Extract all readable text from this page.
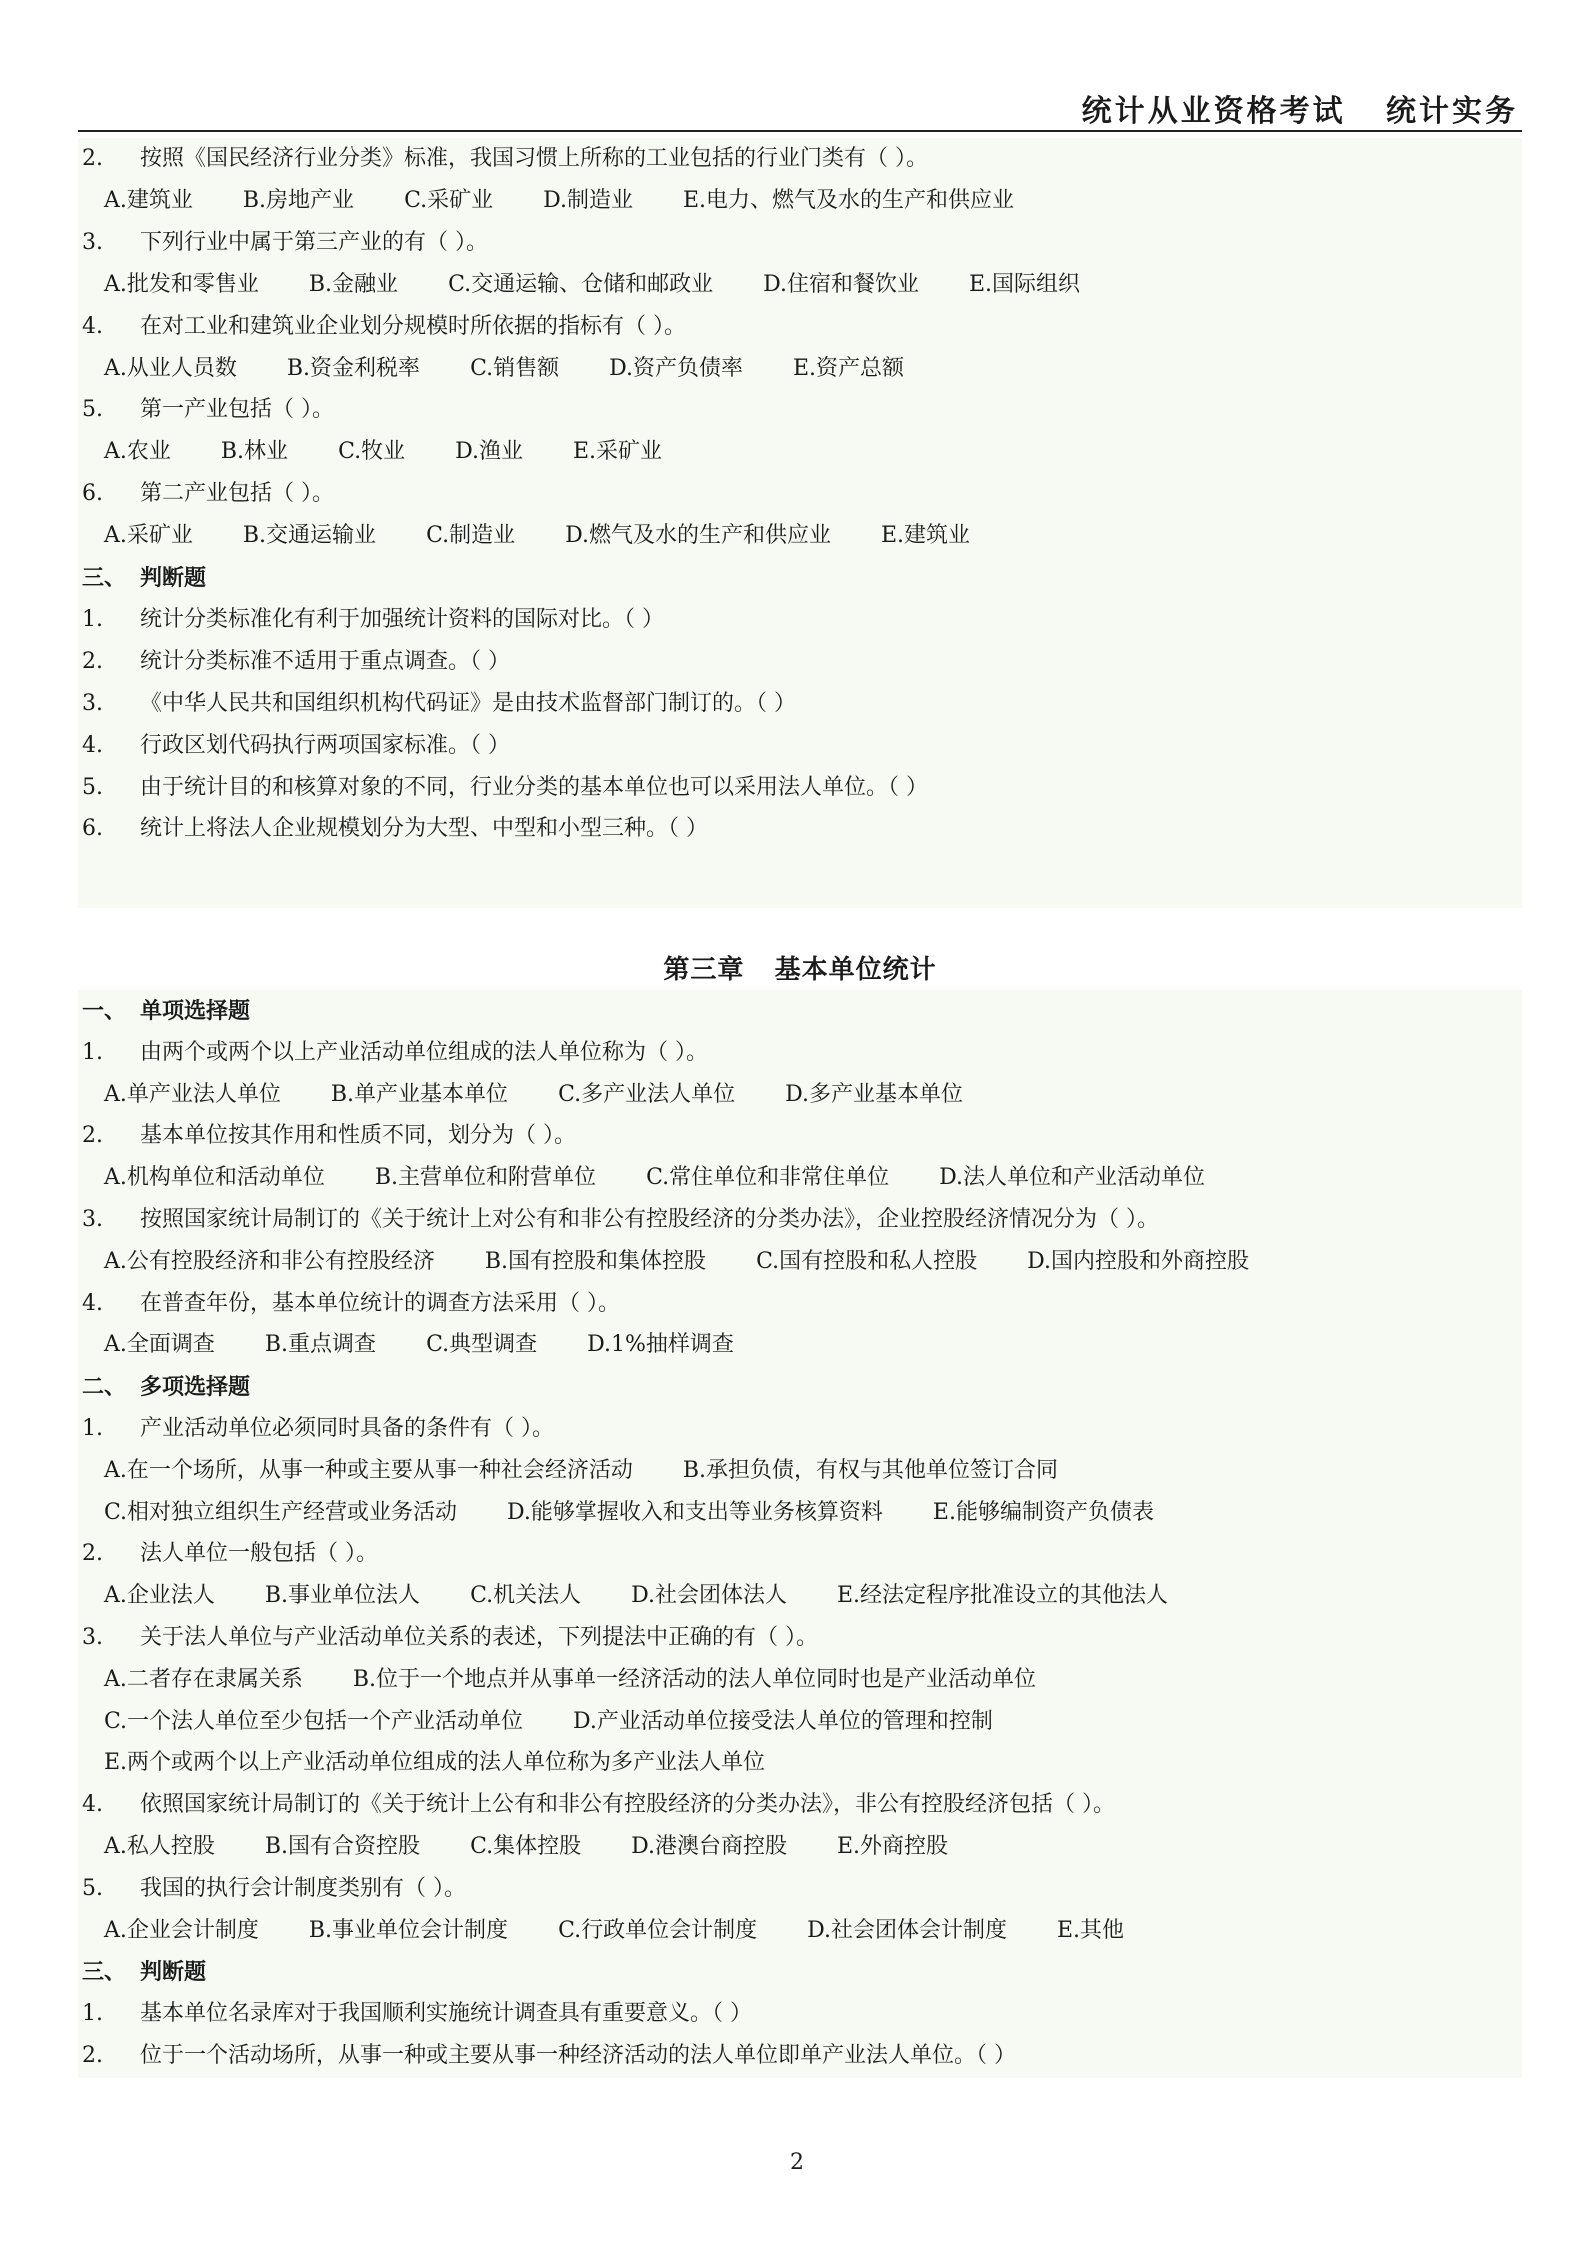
统计从业资格考试   统计实务
2.	按照《国民经济行业分类》标准，我国习惯上所称的工业包括的行业门类有（ ）。
A.建筑业 B.房地产业 C.采矿业 D.制造业 E.电力、燃气及水的生产和供应业
3.	下列行业中属于第三产业的有（ ）。
A.批发和零售业 B.金融业 C.交通运输、仓储和邮政业 D.住宿和餐饮业 E.国际组织
4.	在对工业和建筑业企业划分规模时所依据的指标有（ ）。
A.从业人员数 B.资金利税率 C.销售额 D.资产负债率 E.资产总额
5.	第一产业包括（ ）。
A.农业 B.林业 C.牧业 D.渔业 E.采矿业
6.	第二产业包括（ ）。
A.采矿业 B.交通运输业 C.制造业 D.燃气及水的生产和供应业 E.建筑业
三、 判断题
1.	统计分类标准化有利于加强统计资料的国际对比。（ ）
2.	统计分类标准不适用于重点调查。（ ）
3.	《中华人民共和国组织机构代码证》是由技术监督部门制订的。（ ）
4.	行政区划代码执行两项国家标准。（ ）
5.	由于统计目的和核算对象的不同，行业分类的基本单位也可以采用法人单位。（ ）
6.	统计上将法人企业规模划分为大型、中型和小型三种。（ ）
第三章   基本单位统计
一、 单项选择题
1.	由两个或两个以上产业活动单位组成的法人单位称为（ ）。
A.单产业法人单位 B.单产业基本单位 C.多产业法人单位 D.多产业基本单位
2.	基本单位按其作用和性质不同，划分为（ ）。
A.机构单位和活动单位 B.主营单位和附营单位 C.常住单位和非常住单位 D.法人单位和产业活动单位
3.	按照国家统计局制订的《关于统计上对公有和非公有控股经济的分类办法》，企业控股经济情况分为（ ）。
A.公有控股经济和非公有控股经济 B.国有控股和集体控股 C.国有控股和私人控股 D.国内控股和外商控股
4.	在普查年份，基本单位统计的调查方法采用（ ）。
A.全面调查 B.重点调查 C.典型调查 D.1%抽样调查
二、 多项选择题
1.	产业活动单位必须同时具备的条件有（ ）。
A.在一个场所，从事一种或主要从事一种社会经济活动 B.承担负债，有权与其他单位签订合同
C.相对独立组织生产经营或业务活动 D.能够掌握收入和支出等业务核算资料 E.能够编制资产负债表
2.	法人单位一般包括（ ）。
A.企业法人 B.事业单位法人 C.机关法人 D.社会团体法人 E.经法定程序批准设立的其他法人
3.	关于法人单位与产业活动单位关系的表述，下列提法中正确的有（ ）。
A.二者存在隶属关系 B.位于一个地点并从事单一经济活动的法人单位同时也是产业活动单位
C.一个法人单位至少包括一个产业活动单位 D.产业活动单位接受法人单位的管理和控制
E.两个或两个以上产业活动单位组成的法人单位称为多产业法人单位
4.	依照国家统计局制订的《关于统计上公有和非公有控股经济的分类办法》，非公有控股经济包括（ ）。
A.私人控股 B.国有合资控股 C.集体控股 D.港澳台商控股 E.外商控股
5.	我国的执行会计制度类别有（ ）。
A.企业会计制度 B.事业单位会计制度 C.行政单位会计制度 D.社会团体会计制度 E.其他
三、 判断题
1.	基本单位名录库对于我国顺利实施统计调查具有重要意义。（ ）
2.	位于一个活动场所，从事一种或主要从事一种经济活动的法人单位即单产业法人单位。（ ）
2
